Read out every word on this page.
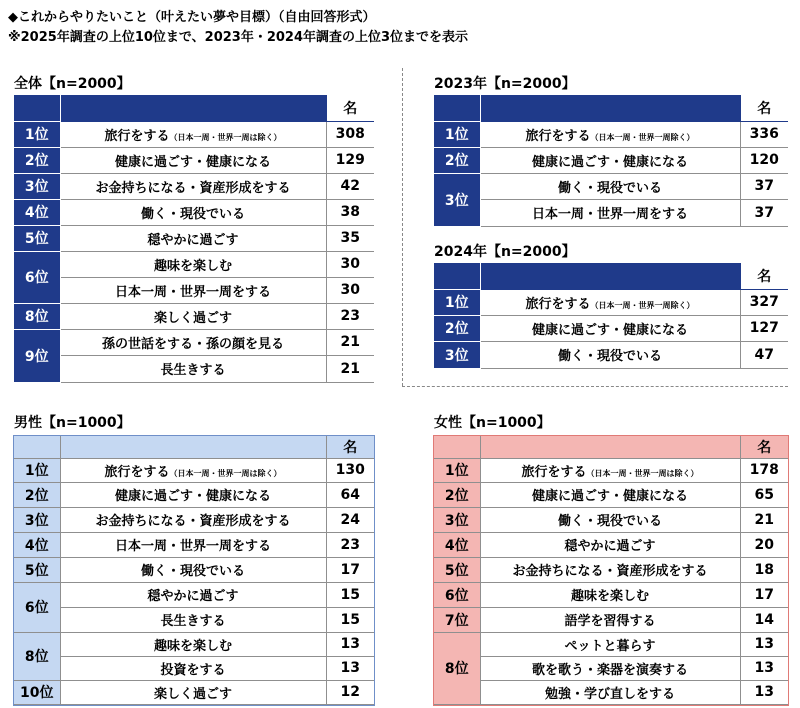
◆これからやりたいこと（叶えたい夢や目標）（自由回答形式）
※2025年調査の上位10位まで、2023年・2024年調査の上位3位までを表示
全体【n=2000】
		名
1位	旅行をする（日本一周・世界一周は除く）	308
2位	健康に過ごす・健康になる	129
3位	お金持ちになる・資産形成をする	42
4位	働く・現役でいる	38
5位	穏やかに過ごす	35
6位	趣味を楽しむ	30
	日本一周・世界一周をする	30
8位	楽しく過ごす	23
9位	孫の世話をする・孫の顔を見る	21
	長生きする	21
2023年【n=2000】
		名
1位	旅行をする（日本一周・世界一周除く）	336
2位	健康に過ごす・健康になる	120
3位	働く・現役でいる	37
	日本一周・世界一周をする	37
2024年【n=2000】
		名
1位	旅行をする（日本一周・世界一周除く）	327
2位	健康に過ごす・健康になる	127
3位	働く・現役でいる	47
男性【n=1000】
		名
1位	旅行をする（日本一周・世界一周は除く）	130
2位	健康に過ごす・健康になる	64
3位	お金持ちになる・資産形成をする	24
4位	日本一周・世界一周をする	23
5位	働く・現役でいる	17
6位	穏やかに過ごす	15
	長生きする	15
8位	趣味を楽しむ	13
	投資をする	13
10位	楽しく過ごす	12
女性【n=1000】
		名
1位	旅行をする（日本一周・世界一周は除く）	178
2位	健康に過ごす・健康になる	65
3位	働く・現役でいる	21
4位	穏やかに過ごす	20
5位	お金持ちになる・資産形成をする	18
6位	趣味を楽しむ	17
7位	語学を習得する	14
8位	ペットと暮らす	13
	歌を歌う・楽器を演奏する	13
	勉強・学び直しをする	13
